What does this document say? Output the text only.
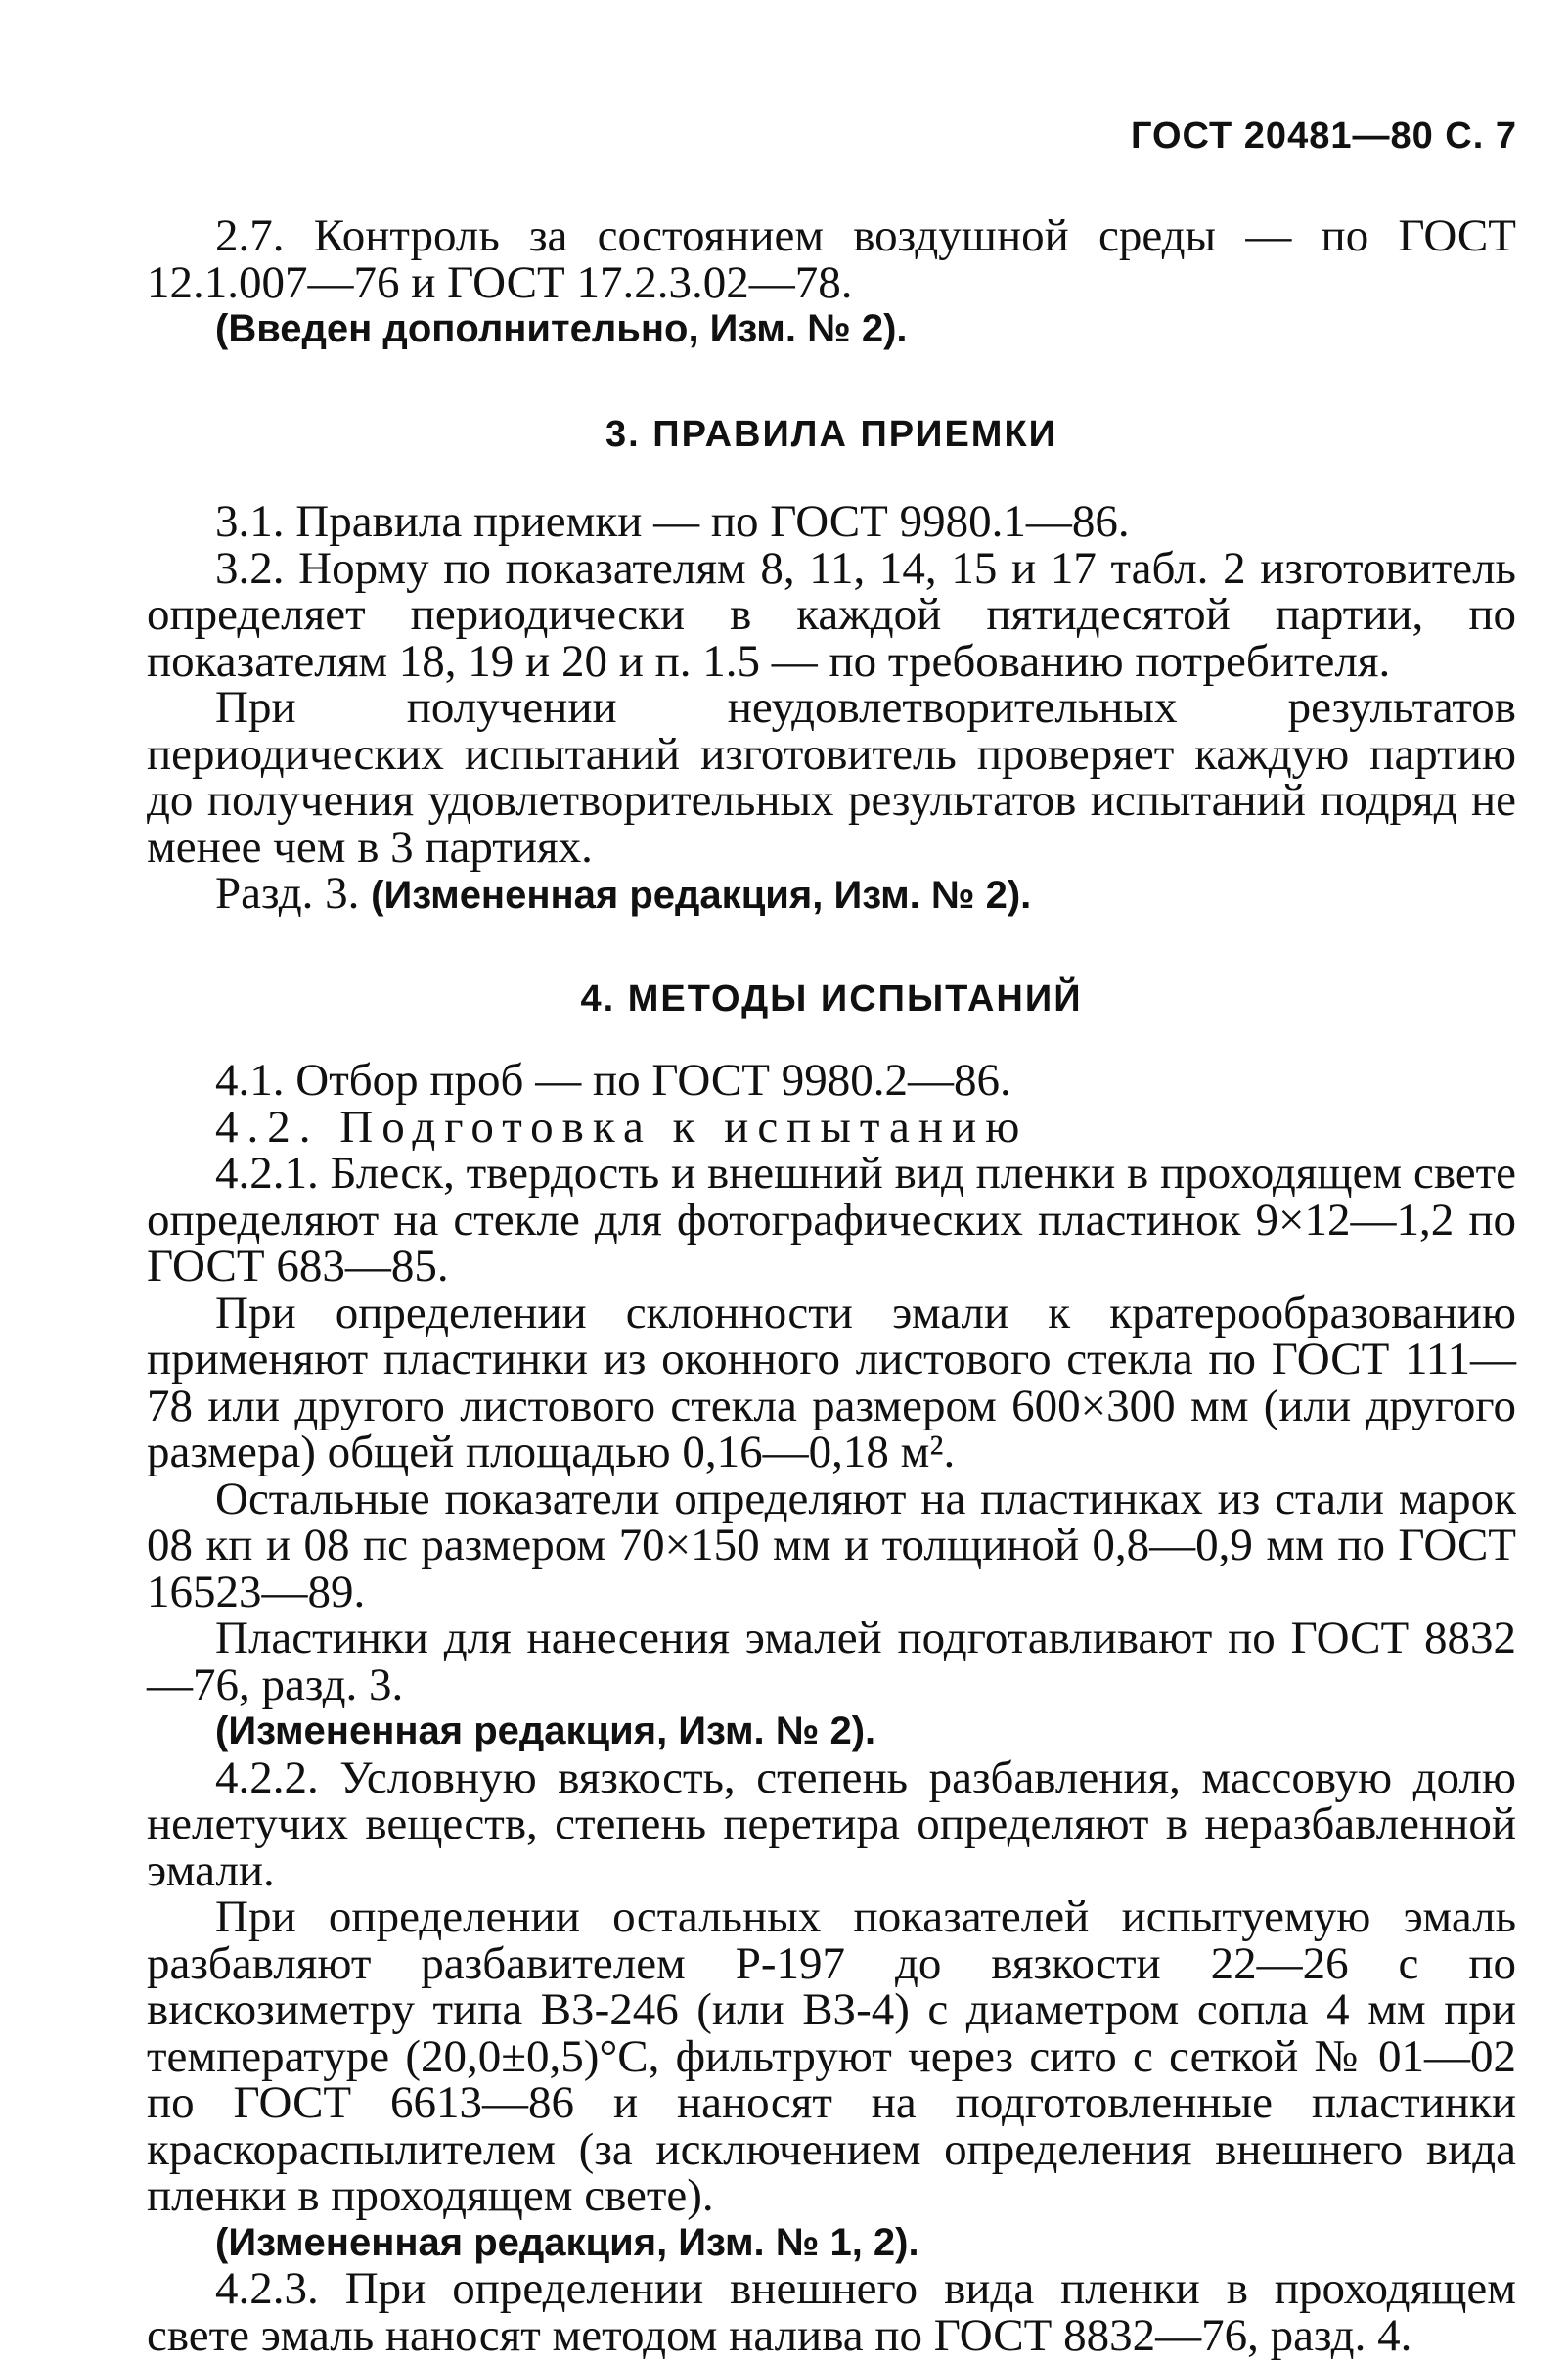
ГОСТ 20481—80 С. 7

2.7. Контроль за состоянием воздушной среды — по ГОСТ 12.1.007—76 и ГОСТ 17.2.3.02—78.

(Введен дополнительно, Изм. № 2).

3. ПРАВИЛА ПРИЕМКИ

3.1. Правила приемки — по ГОСТ 9980.1—86.

3.2. Норму по показателям 8, 11, 14, 15 и 17 табл. 2 изготовитель определяет периодически в каждой пятидесятой партии, по показателям 18, 19 и 20 и п. 1.5 — по требованию потребителя.

При получении неудовлетворительных результатов периодических испытаний изготовитель проверяет каждую партию до получения удовлетворительных результатов испытаний подряд не менее чем в 3 партиях.

Разд. 3. (Измененная редакция, Изм. № 2).

4. МЕТОДЫ ИСПЫТАНИЙ

4.1. Отбор проб — по ГОСТ 9980.2—86.

4.2. Подготовка к испытанию

4.2.1. Блеск, твердость и внешний вид пленки в проходящем свете определяют на стекле для фотографических пластинок 9×12—1,2 по ГОСТ 683—85.

При определении склонности эмали к кратерообразованию применяют пластинки из оконного листового стекла по ГОСТ 111—78 или другого листового стекла размером 600×300 мм (или другого размера) общей площадью 0,16—0,18 м².

Остальные показатели определяют на пластинках из стали марок 08 кп и 08 пс размером 70×150 мм и толщиной 0,8—0,9 мм по ГОСТ 16523—89.

Пластинки для нанесения эмалей подготавливают по ГОСТ 8832—76, разд. 3.

(Измененная редакция, Изм. № 2).

4.2.2. Условную вязкость, степень разбавления, массовую долю нелетучих веществ, степень перетира определяют в неразбавленной эмали.

При определении остальных показателей испытуемую эмаль разбавляют разбавителем Р-197 до вязкости 22—26 с по вискозиметру типа ВЗ-246 (или ВЗ-4) с диаметром сопла 4 мм при температуре (20,0±0,5)°С, фильтруют через сито с сеткой № 01—02 по ГОСТ 6613—86 и наносят на подготовленные пластинки краскораспылителем (за исключением определения внешнего вида пленки в проходящем свете).

(Измененная редакция, Изм. № 1, 2).

4.2.3. При определении внешнего вида пленки в проходящем свете эмаль наносят методом налива по ГОСТ 8832—76, разд. 4.
